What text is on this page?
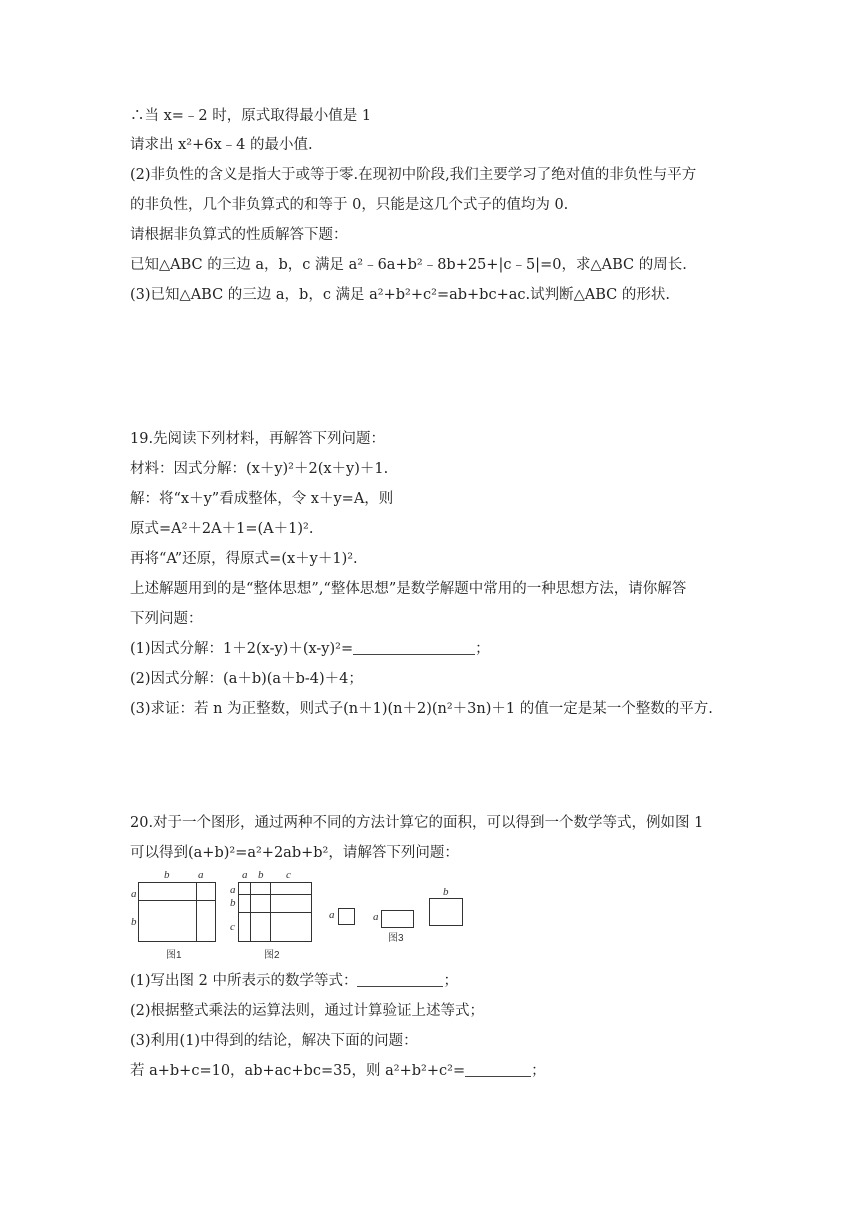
∴当 x=﹣2 时，原式取得最小值是 1
请求出 x²+6x﹣4 的最小值.
(2)非负性的含义是指大于或等于零.在现初中阶段,我们主要学习了绝对值的非负性与平方
的非负性，几个非负算式的和等于 0，只能是这几个式子的值均为 0.
请根据非负算式的性质解答下题：
已知△ABC 的三边 a，b，c 满足 a²﹣6a+b²﹣8b+25+|c﹣5|=0，求△ABC 的周长.
(3)已知△ABC 的三边 a，b，c 满足 a²+b²+c²=ab+bc+ac.试判断△ABC 的形状.
19.先阅读下列材料，再解答下列问题：
材料：因式分解：(x＋y)²＋2(x＋y)＋1.
解：将“x＋y”看成整体，令 x＋y=A，则
原式=A²＋2A＋1=(A＋1)².
再将“A”还原，得原式=(x＋y＋1)².
上述解题用到的是“整体思想”,“整体思想”是数学解题中常用的一种思想方法，请你解答
下列问题：
(1)因式分解：1＋2(x-y)＋(x-y)²=	；
(2)因式分解：(a＋b)(a＋b-4)＋4；
(3)求证：若 n 为正整数，则式子(n＋1)(n＋2)(n²＋3n)＋1 的值一定是某一个整数的平方.
20.对于一个图形，通过两种不同的方法计算它的面积，可以得到一个数学等式，例如图 1
可以得到(a+b)²=a²+2ab+b²，请解答下列问题：
b	a
a
b
图1
a b c
a
b
c
图2
a	a
图3
b
(1)写出图 2 中所表示的数学等式：	；
(2)根据整式乘法的运算法则，通过计算验证上述等式；
(3)利用(1)中得到的结论，解决下面的问题：
若 a+b+c=10，ab+ac+bc=35，则 a²+b²+c²=	；
